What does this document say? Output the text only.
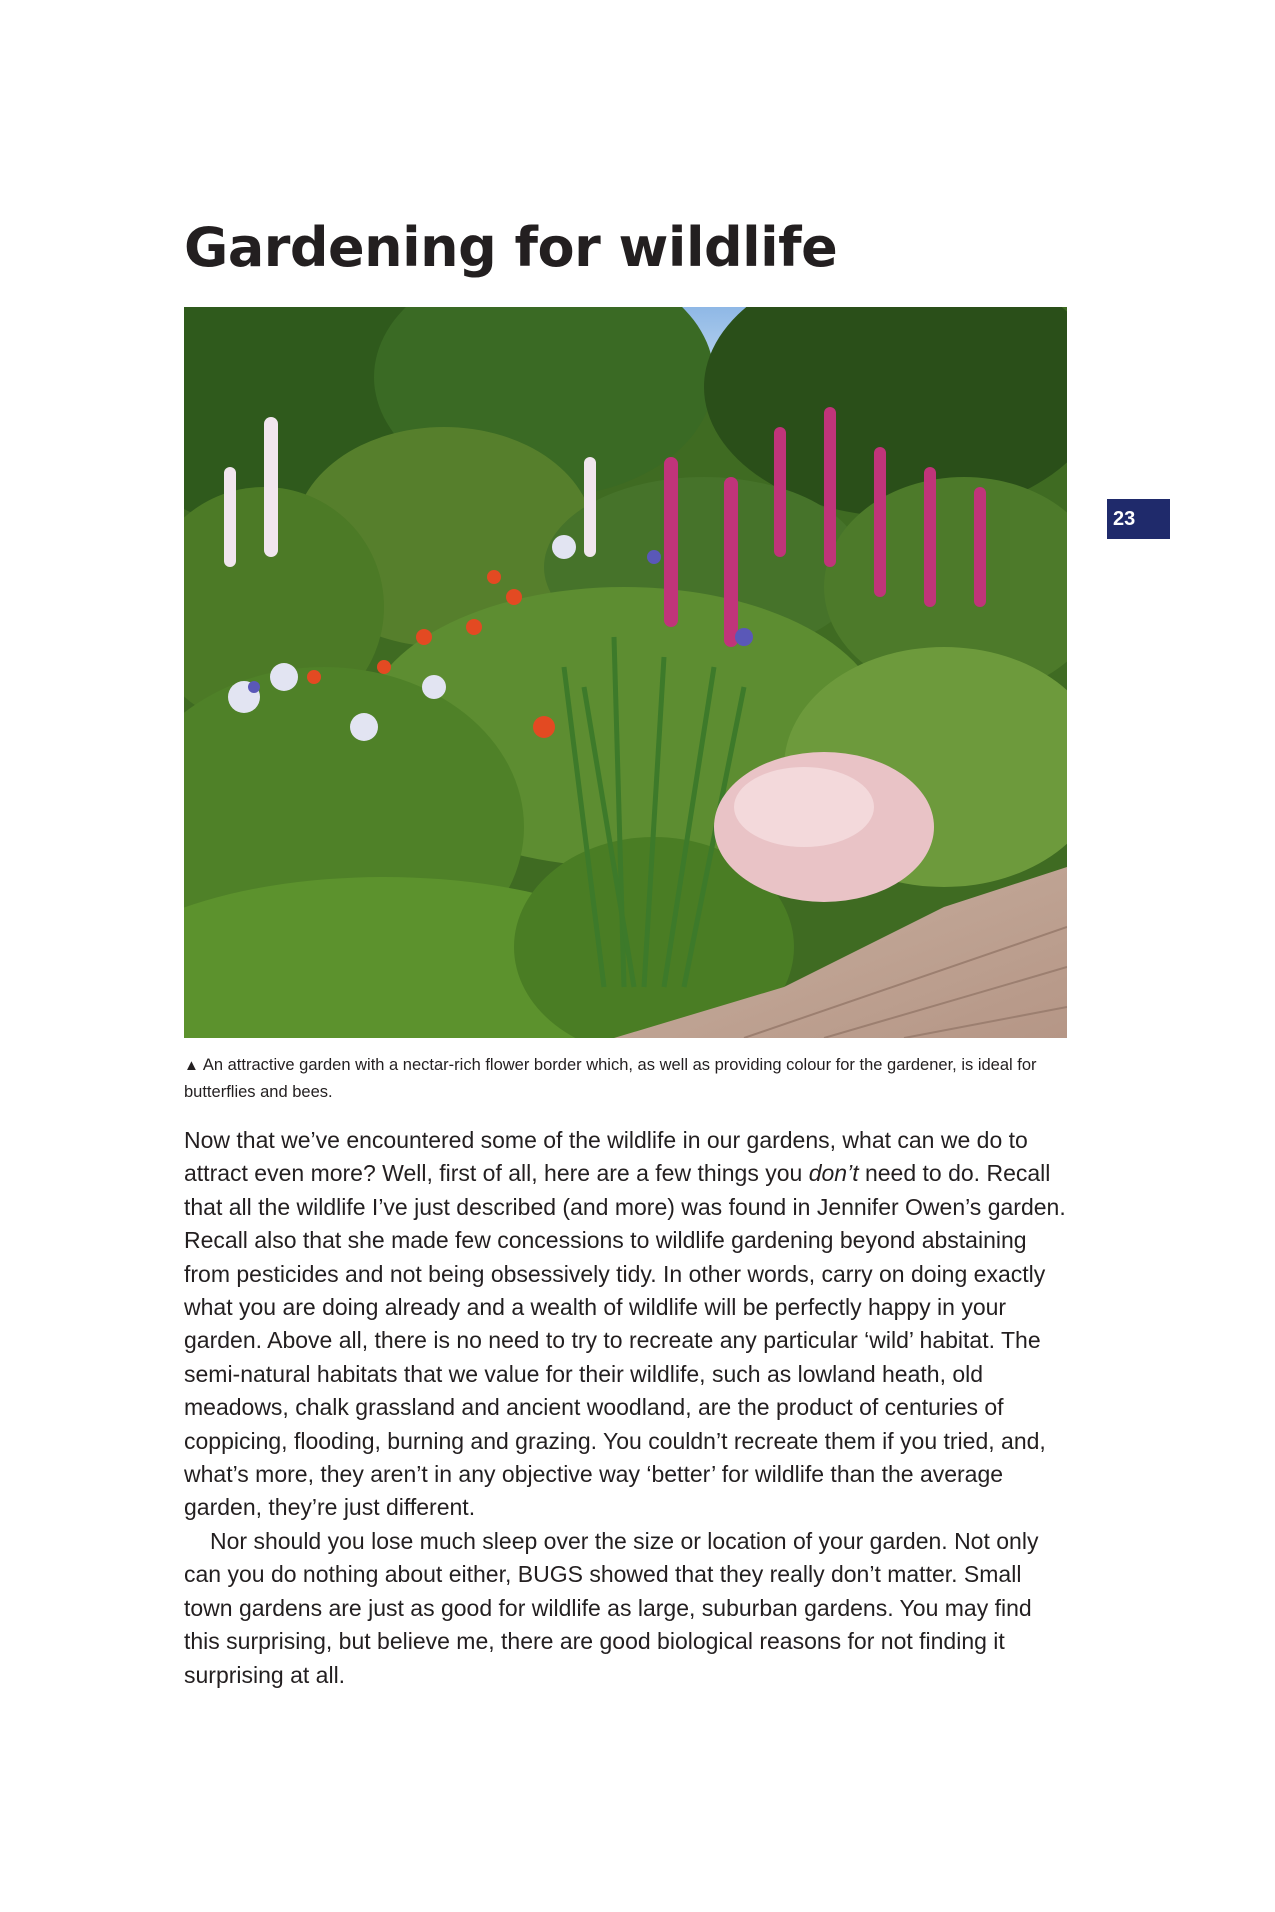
Gardening for wildlife
23

▲ An attractive garden with a nectar-rich flower border which, as well as providing colour for the gardener, is ideal for butterflies and bees.

Now that we’ve encountered some of the wildlife in our gardens, what can we do to attract even more? Well, first of all, here are a few things you don’t need to do. Recall that all the wildlife I’ve just described (and more) was found in Jennifer Owen’s garden. Recall also that she made few concessions to wildlife gardening beyond abstaining from pesticides and not being obsessively tidy. In other words, carry on doing exactly what you are doing already and a wealth of wildlife will be perfectly happy in your garden. Above all, there is no need to try to recreate any particular ‘wild’ habitat. The semi-natural habitats that we value for their wildlife, such as lowland heath, old meadows, chalk grassland and ancient woodland, are the product of centuries of coppicing, flooding, burning and grazing. You couldn’t recreate them if you tried, and, what’s more, they aren’t in any objective way ‘better’ for wildlife than the average garden, they’re just different.

Nor should you lose much sleep over the size or location of your garden. Not only can you do nothing about either, BUGS showed that they really don’t matter. Small town gardens are just as good for wildlife as large, suburban gardens. You may find this surprising, but believe me, there are good biological reasons for not finding it surprising at all.
